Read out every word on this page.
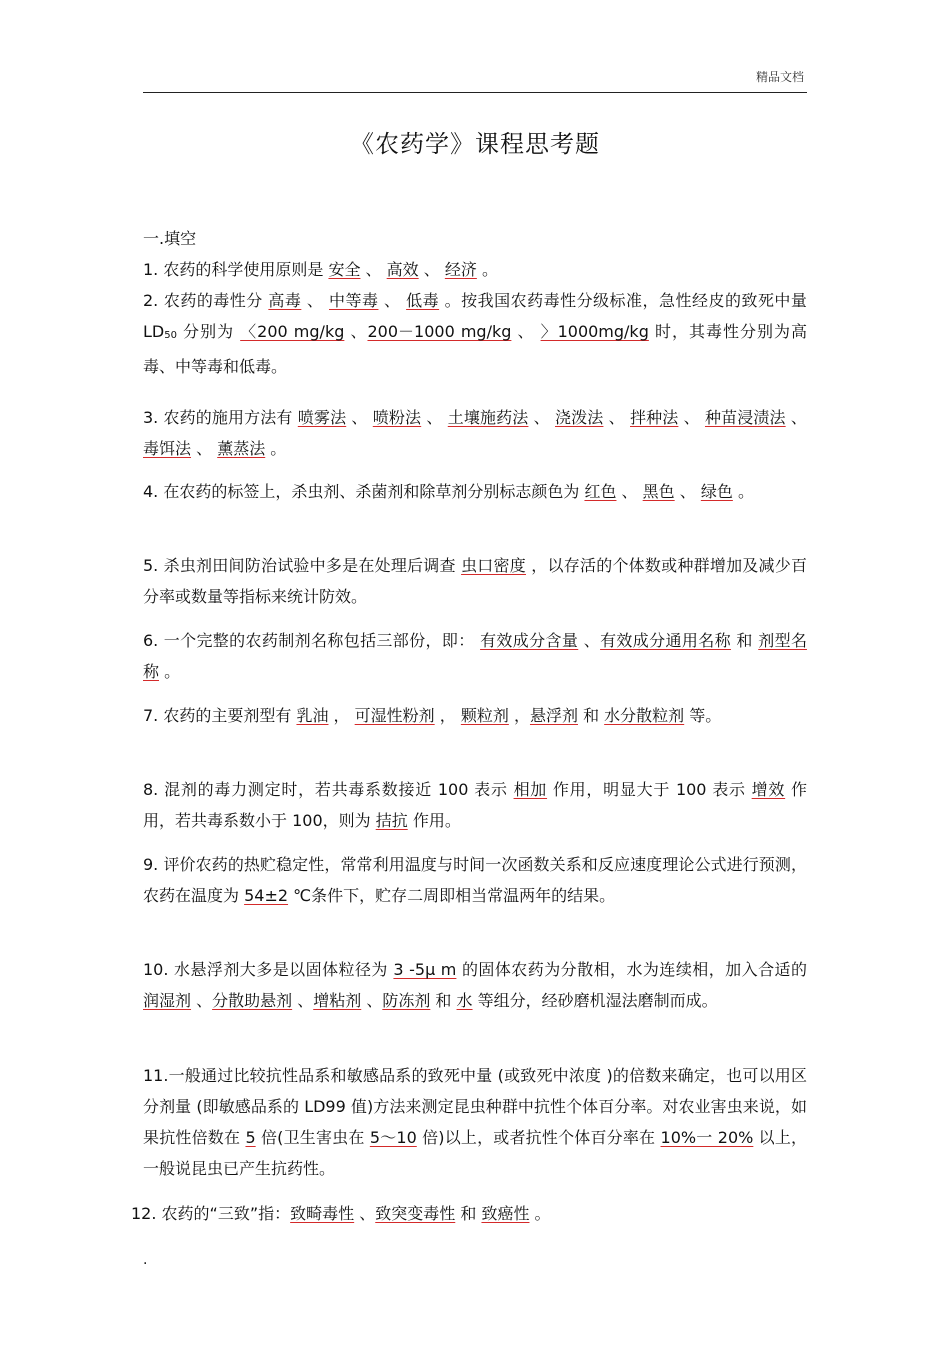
精品文档
《农药学》课程思考题
一.填空
1. 农药的科学使用原则是 安全 、 高效 、 经济 。
2. 农药的毒性分 高毒 、 中等毒 、 低毒 。按我国农药毒性分级标准，急性经皮的致死中量 $LD_{50}$ 分别为 〈200 mg/kg 、200－1000 mg/kg 、 〉1000mg/kg 时，其毒性分别为高毒、中等毒和低毒。
3. 农药的施用方法有 喷雾法 、 喷粉法 、 土壤施药法 、 浇泼法 、 拌种法 、 种苗浸渍法 、 毒饵法 、 薰蒸法 。
4. 在农药的标签上，杀虫剂、杀菌剂和除草剂分别标志颜色为 红色 、 黑色 、 绿色 。
5. 杀虫剂田间防治试验中多是在处理后调查 虫口密度 ，以存活的个体数或种群增加及减少百分率或数量等指标来统计防效。
6. 一个完整的农药制剂名称包括三部份，即： 有效成分含量 、有效成分通用名称 和 剂型名称 。
7. 农药的主要剂型有 乳油 ， 可湿性粉剂 ， 颗粒剂 ，悬浮剂 和 水分散粒剂 等。
8. 混剂的毒力测定时，若共毒系数接近 100 表示 相加 作用，明显大于 100 表示 增效 作用，若共毒系数小于 100，则为 拮抗 作用。
9. 评价农药的热贮稳定性，常常利用温度与时间一次函数关系和反应速度理论公式进行预测，农药在温度为 54±2 ℃条件下，贮存二周即相当常温两年的结果。
10. 水悬浮剂大多是以固体粒径为 3 -5μ m 的固体农药为分散相，水为连续相，加入合适的 润湿剂 、分散助悬剂 、增粘剂 、防冻剂 和 水 等组分，经砂磨机湿法磨制而成。
11.一般通过比较抗性品系和敏感品系的致死中量 (或致死中浓度 )的倍数来确定，也可以用区分剂量 (即敏感品系的 LD99 值)方法来测定昆虫种群中抗性个体百分率。对农业害虫来说，如果抗性倍数在 5 倍(卫生害虫在 5～10 倍)以上，或者抗性个体百分率在 10%一 20% 以上，一般说昆虫已产生抗药性。
12. 农药的“三致”指：致畸毒性 、致突变毒性 和 致癌性 。
.
